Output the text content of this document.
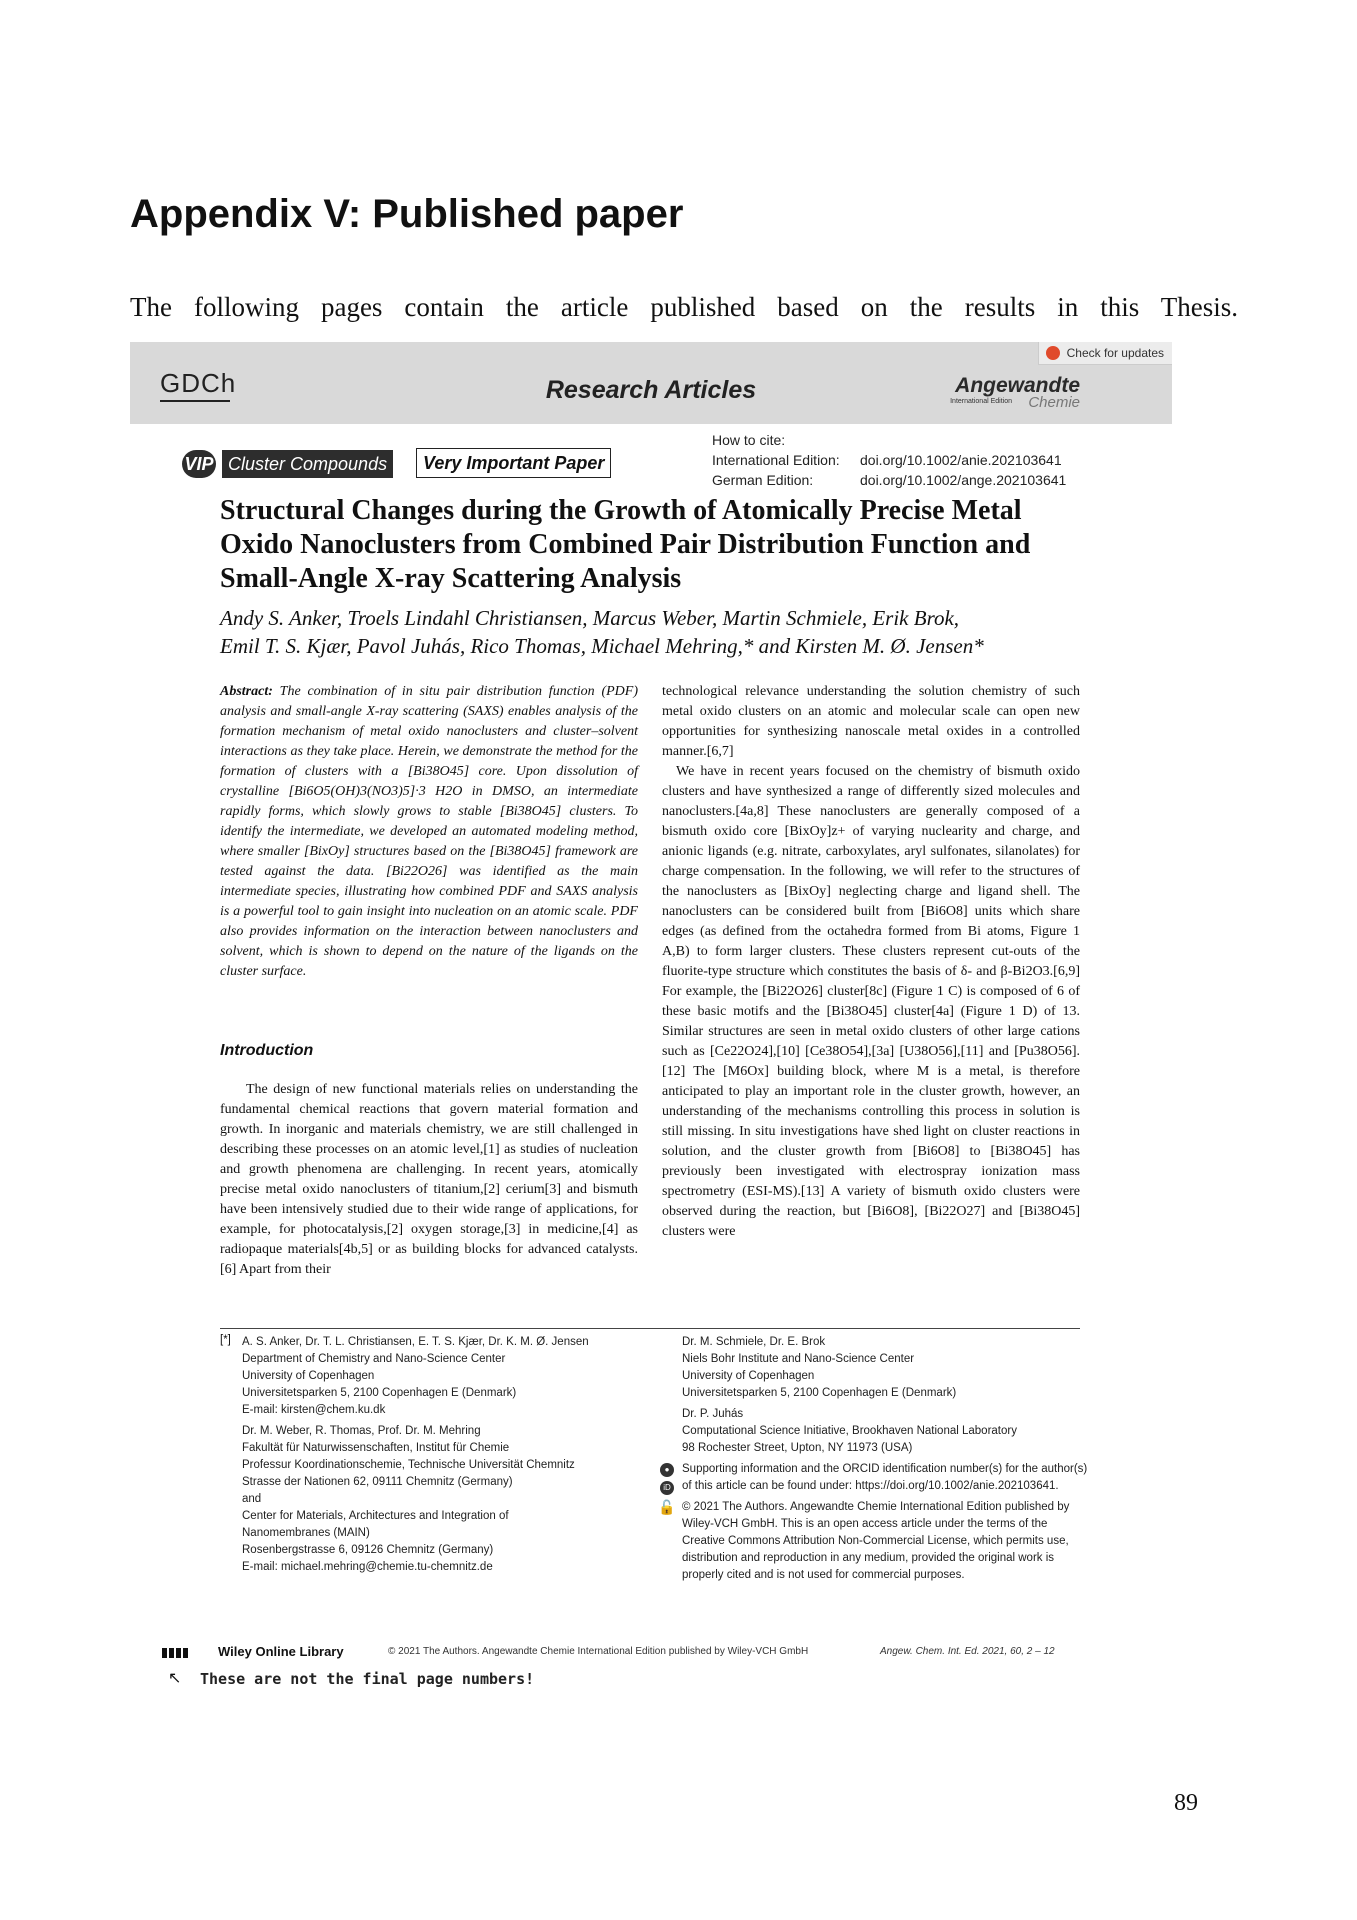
Appendix V: Published paper
The following pages contain the article published based on the results in this Thesis.
GDCh	Research Articles
Check for updates
Angewandte
International Edition Chemie
VIP Cluster Compounds	Very Important Paper
How to cite:
International Edition: doi.org/10.1002/anie.202103641
German Edition:	doi.org/10.1002/ange.202103641
Structural Changes during the Growth of Atomically Precise Metal Oxido Nanoclusters from Combined Pair Distribution Function and Small-Angle X-ray Scattering Analysis
Andy S. Anker, Troels Lindahl Christiansen, Marcus Weber, Martin Schmiele, Erik Brok,
Emil T. S. Kjær, Pavol Juhás, Rico Thomas, Michael Mehring,* and Kirsten M. Ø. Jensen*
Abstract: The combination of in situ pair distribution function (PDF) analysis and small-angle X-ray scattering (SAXS) enables analysis of the formation mechanism of metal oxido nanoclusters and cluster–solvent interactions as they take place. Herein, we demonstrate the method for the formation of clusters with a [Bi38O45] core. Upon dissolution of crystalline [Bi6O5(OH)3(NO3)5]·3 H2O in DMSO, an intermediate rapidly forms, which slowly grows to stable [Bi38O45] clusters. To identify the intermediate, we developed an automated modeling method, where smaller [BixOy] structures based on the [Bi38O45] framework are tested against the data. [Bi22O26] was identified as the main intermediate species, illustrating how combined PDF and SAXS analysis is a powerful tool to gain insight into nucleation on an atomic scale. PDF also provides information on the interaction between nanoclusters and solvent, which is shown to depend on the nature of the ligands on the cluster surface.
Introduction
The design of new functional materials relies on understanding the fundamental chemical reactions that govern material formation and growth. In inorganic and materials chemistry, we are still challenged in describing these processes on an atomic level,[1] as studies of nucleation and growth phenomena are challenging. In recent years, atomically precise metal oxido nanoclusters of titanium,[2] cerium[3] and bismuth have been intensively studied due to their wide range of applications, for example, for photocatalysis,[2] oxygen storage,[3] in medicine,[4] as radiopaque materials[4b,5] or as building blocks for advanced catalysts.[6] Apart from their

technological relevance understanding the solution chemistry of such metal oxido clusters on an atomic and molecular scale can open new opportunities for synthesizing nanoscale metal oxides in a controlled manner.[6,7]

We have in recent years focused on the chemistry of bismuth oxido clusters and have synthesized a range of differently sized molecules and nanoclusters.[4a,8] These nanoclusters are generally composed of a bismuth oxido core [BixOy]z+ of varying nuclearity and charge, and anionic ligands (e.g. nitrate, carboxylates, aryl sulfonates, silanolates) for charge compensation. In the following, we will refer to the structures of the nanoclusters as [BixOy] neglecting charge and ligand shell. The nanoclusters can be considered built from [Bi6O8] units which share edges (as defined from the octahedra formed from Bi atoms, Figure 1 A,B) to form larger clusters. These clusters represent cut-outs of the fluorite-type structure which constitutes the basis of δ- and β-Bi2O3.[6,9] For example, the [Bi22O26] cluster[8c] (Figure 1 C) is composed of 6 of these basic motifs and the [Bi38O45] cluster[4a] (Figure 1 D) of 13. Similar structures are seen in metal oxido clusters of other large cations such as [Ce22O24],[10] [Ce38O54],[3a] [U38O56],[11] and [Pu38O56].[12] The [M6Ox] building block, where M is a metal, is therefore anticipated to play an important role in the cluster growth, however, an understanding of the mechanisms controlling this process in solution is still missing. In situ investigations have shed light on cluster reactions in solution, and the cluster growth from [Bi6O8] to [Bi38O45] has previously been investigated with electrospray ionization mass spectrometry (ESI-MS).[13] A variety of bismuth oxido clusters were observed during the reaction, but [Bi6O8], [Bi22O27] and [Bi38O45] clusters were

[*] A. S. Anker, Dr. T. L. Christiansen, E. T. S. Kjær, Dr. K. M. Ø. Jensen
Department of Chemistry and Nano-Science Center
University of Copenhagen
Universitetsparken 5, 2100 Copenhagen E (Denmark)
E-mail: kirsten@chem.ku.dk
Dr. M. Weber, R. Thomas, Prof. Dr. M. Mehring
Fakultät für Naturwissenschaften, Institut für Chemie
Professur Koordinationschemie, Technische Universität Chemnitz
Strasse der Nationen 62, 09111 Chemnitz (Germany)
and
Center for Materials, Architectures and Integration of
Nanomembranes (MAIN)
Rosenbergstrasse 6, 09126 Chemnitz (Germany)
E-mail: michael.mehring@chemie.tu-chemnitz.de
Dr. M. Schmiele, Dr. E. Brok
Niels Bohr Institute and Nano-Science Center
University of Copenhagen
Universitetsparken 5, 2100 Copenhagen E (Denmark)
Dr. P. Juhás
Computational Science Initiative, Brookhaven National Laboratory
98 Rochester Street, Upton, NY 11973 (USA)
●
iD
Supporting information and the ORCID identification number(s) for the author(s) of this article can be found under: https://doi.org/10.1002/anie.202103641.
🔓 © 2021 The Authors. Angewandte Chemie International Edition published by Wiley-VCH GmbH. This is an open access article under the terms of the Creative Commons Attribution Non-Commercial License, which permits use, distribution and reproduction in any medium, provided the original work is properly cited and is not used for commercial purposes.
Wiley Online Library	© 2021 The Authors. Angewandte Chemie International Edition published by Wiley-VCH GmbH	Angew. Chem. Int. Ed. 2021, 60, 2 – 12
↖ These are not the final page numbers!
89
